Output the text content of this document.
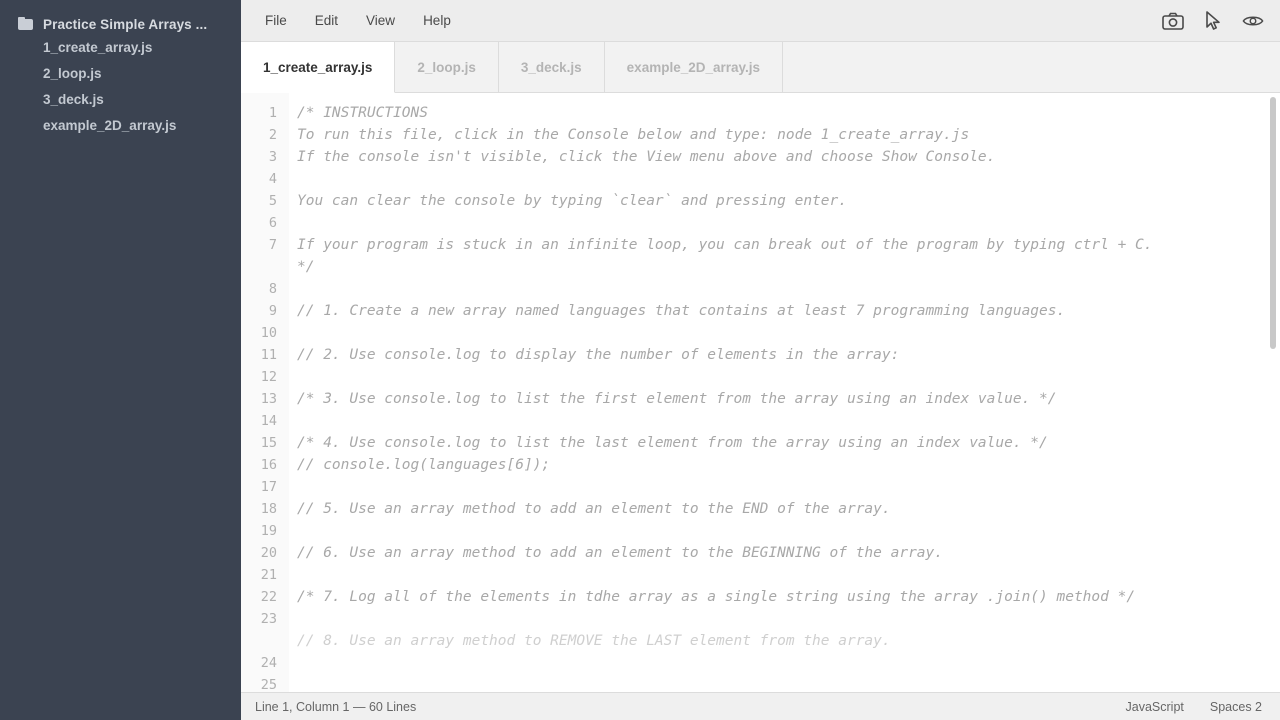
Practice Simple Arrays ...
1_create_array.js
2_loop.js
3_deck.js
example_2D_array.js
File	Edit	View	Help
1_create_array.js	2_loop.js	3_deck.js	example_2D_array.js
1
2
3
4
5
6
7
8
9
10
11
12
13
14
15
16
17
18
19
20
21
22
23
24
25
/* INSTRUCTIONS
To run this file, click in the Console below and type: node 1_create_array.js
If the console isn't visible, click the View menu above and choose Show Console.
You can clear the console by typing `clear` and pressing enter.
If your program is stuck in an infinite loop, you can break out of the program by typing ctrl + C.
*/
// 1. Create a new array named languages that contains at least 7 programming languages.
// 2. Use console.log to display the number of elements in the array:
/* 3. Use console.log to list the first element from the array using an index value. */
/* 4. Use console.log to list the last element from the array using an index value. */
// console.log(languages[6]);
// 5. Use an array method to add an element to the END of the array.
// 6. Use an array method to add an element to the BEGINNING of the array.
/* 7. Log all of the elements in tdhe array as a single string using the array .join() method */
// 8. Use an array method to REMOVE the LAST element from the array.
Line 1, Column 1 — 60 Lines	JavaScript Spaces 2
